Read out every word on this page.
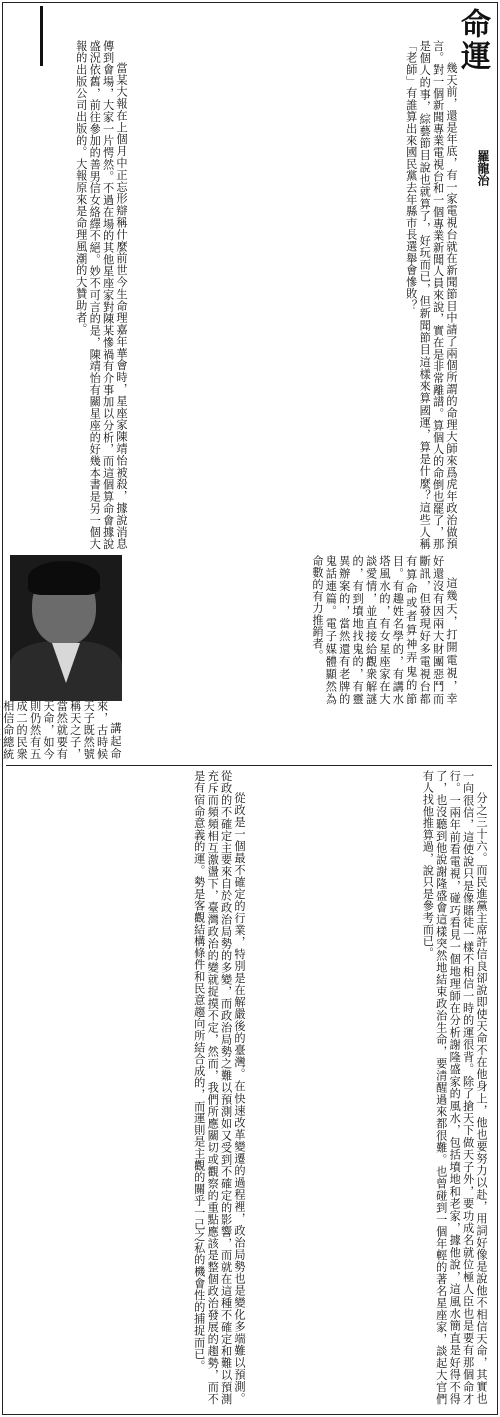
命運
羅龍治

幾天前，還是年底，有一家電視台就在新聞節目中請了兩個所謂的命理大師來爲虎年政治做預言。對一個新聞專業電視台和一個專業新聞人員來說，實在是非常離譜。算個人的命倒也罷了，那是個人的事，綜藝節目說也就算了，好玩而已，但新聞節目這樣來算國運，算是什麼？這些人稱「老師」有誰算出來國民黨去年縣市長選舉會慘敗？

當某大報在上個月中正忘形辯稱什麼前世今生命理嘉年華會時，星座家陳靖怡被殺，據說消息傳到會場，大家一片愕然。不過在場的其他星座家對陳某慘禍有介事加以分析，而這個算命會據說盛況依舊，前往參加的善男信女絡繹不絕。妙不可言的是，陳靖怡有關星座的好幾本書是另一個大報的出版公司出版的。大報原來是命理風潮的大贊助者。

這幾天，打開電視，幸好還沒有因兩大財團惡鬥而斷訊，但發現好多電視台都有算命或者算神弄鬼的節目。有趣姓名學的，有講水塔風水的，有女星座家在大談愛情，並直接給觀衆解謎的，有到墳地找鬼的，有靈異辦案的，當然還有老牌的鬼話連篇。電子媒體顯然為命數的有力推銷者。

講起命來，古時候天子既然號稱天之子，當然就要有天命，如今則仍然有五成二的民衆相信命總統

分之三十六。而民進黨主席許信良卻說即使天命不在他身上，他也要努力以赴，用詞好像是說他不相信天命，其實也一向很信，這使說只是像賭徒一樣不相信一時的運很背。除了搶天下做天子外，要功成名就位極人臣也是要有那個命才行。一兩年前看電視，碰巧看見一個地理師在分析謝隆盛家的風水，包括墳地和老家，據他說，這風水簡直是好得不得了，也沒聽到他說謝隆盛會這樣突然地結束政治生命，要清醒過來都很難。也曾碰到一個年輕的著名星座家，談起大官們有人找他推算過，說只是參考而已。

從政是一個最不確定的行業，特別是在解嚴後的臺灣。在快速改革變遷的過程裡，政治局勢也是變化多端難以預測。從政的不確定主要來自於政治局勢的多變，而政治局勢之難以預測如又受到不確定的影響，而就在這種不確定和難以預測充斥而頻頻相互激盪下，臺灣政治的變就捉摸不定，然而，我們所應關切或觀察的重點應該是整個政治發展的趨勢，而不是有宿命意義的運。勢是客觀結構條件和民意趨向所結合成的，而運則是主觀的關乎一己之私的機會性的捕捉而已。
